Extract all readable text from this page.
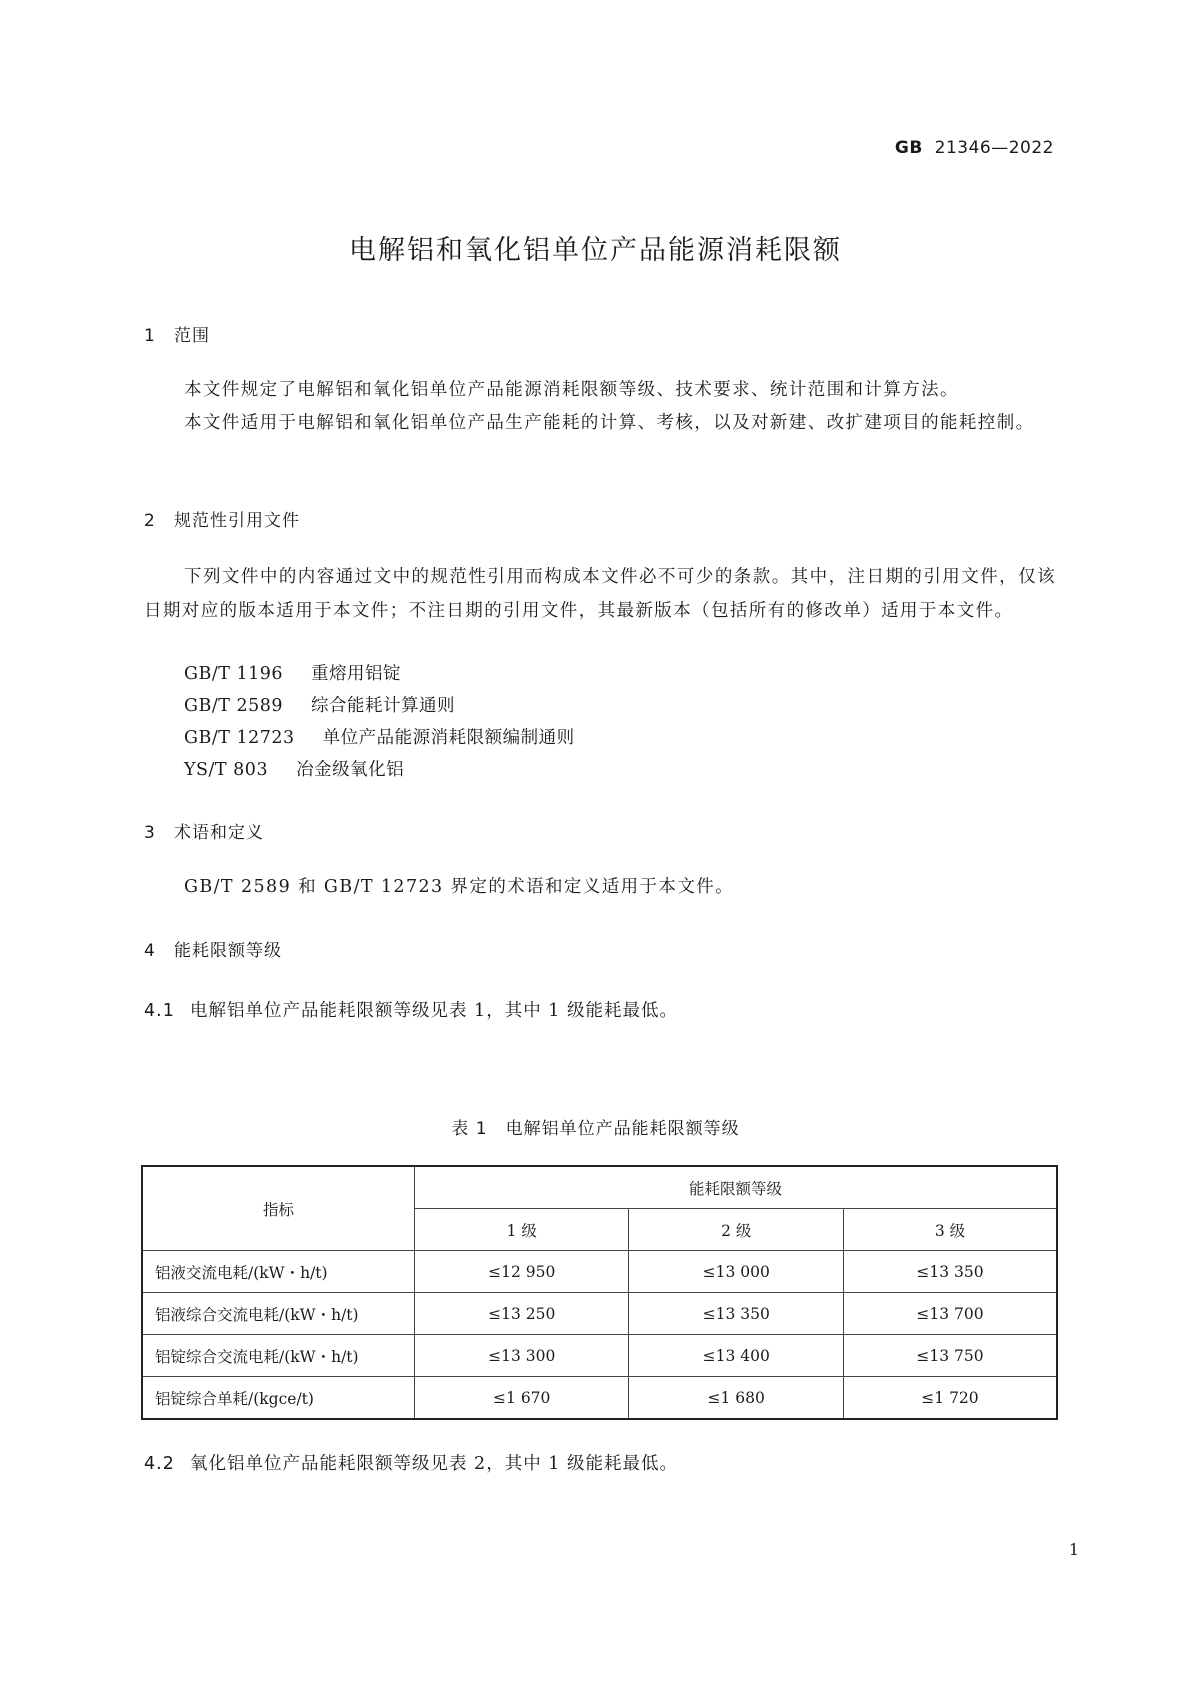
GB 21346—2022
电解铝和氧化铝单位产品能源消耗限额
1 范围
本文件规定了电解铝和氧化铝单位产品能源消耗限额等级、技术要求、统计范围和计算方法。
本文件适用于电解铝和氧化铝单位产品生产能耗的计算、考核，以及对新建、改扩建项目的能耗控制。
2 规范性引用文件
下列文件中的内容通过文中的规范性引用而构成本文件必不可少的条款。其中，注日期的引用文件，仅该日期对应的版本适用于本文件；不注日期的引用文件，其最新版本（包括所有的修改单）适用于本文件。
GB/T 1196 重熔用铝锭
GB/T 2589 综合能耗计算通则
GB/T 12723 单位产品能源消耗限额编制通则
YS/T 803 冶金级氧化铝
3 术语和定义
GB/T 2589 和 GB/T 12723 界定的术语和定义适用于本文件。
4 能耗限额等级
4.1 电解铝单位产品能耗限额等级见表 1，其中 1 级能耗最低。
表 1　电解铝单位产品能耗限额等级
指标	能耗限额等级		
	1 级	2 级	3 级
铝液交流电耗/(kW・h/t)	≤12 950	≤13 000	≤13 350
铝液综合交流电耗/(kW・h/t)	≤13 250	≤13 350	≤13 700
铝锭综合交流电耗/(kW・h/t)	≤13 300	≤13 400	≤13 750
铝锭综合单耗/(kgce/t)	≤1 670	≤1 680	≤1 720
4.2 氧化铝单位产品能耗限额等级见表 2，其中 1 级能耗最低。
1
